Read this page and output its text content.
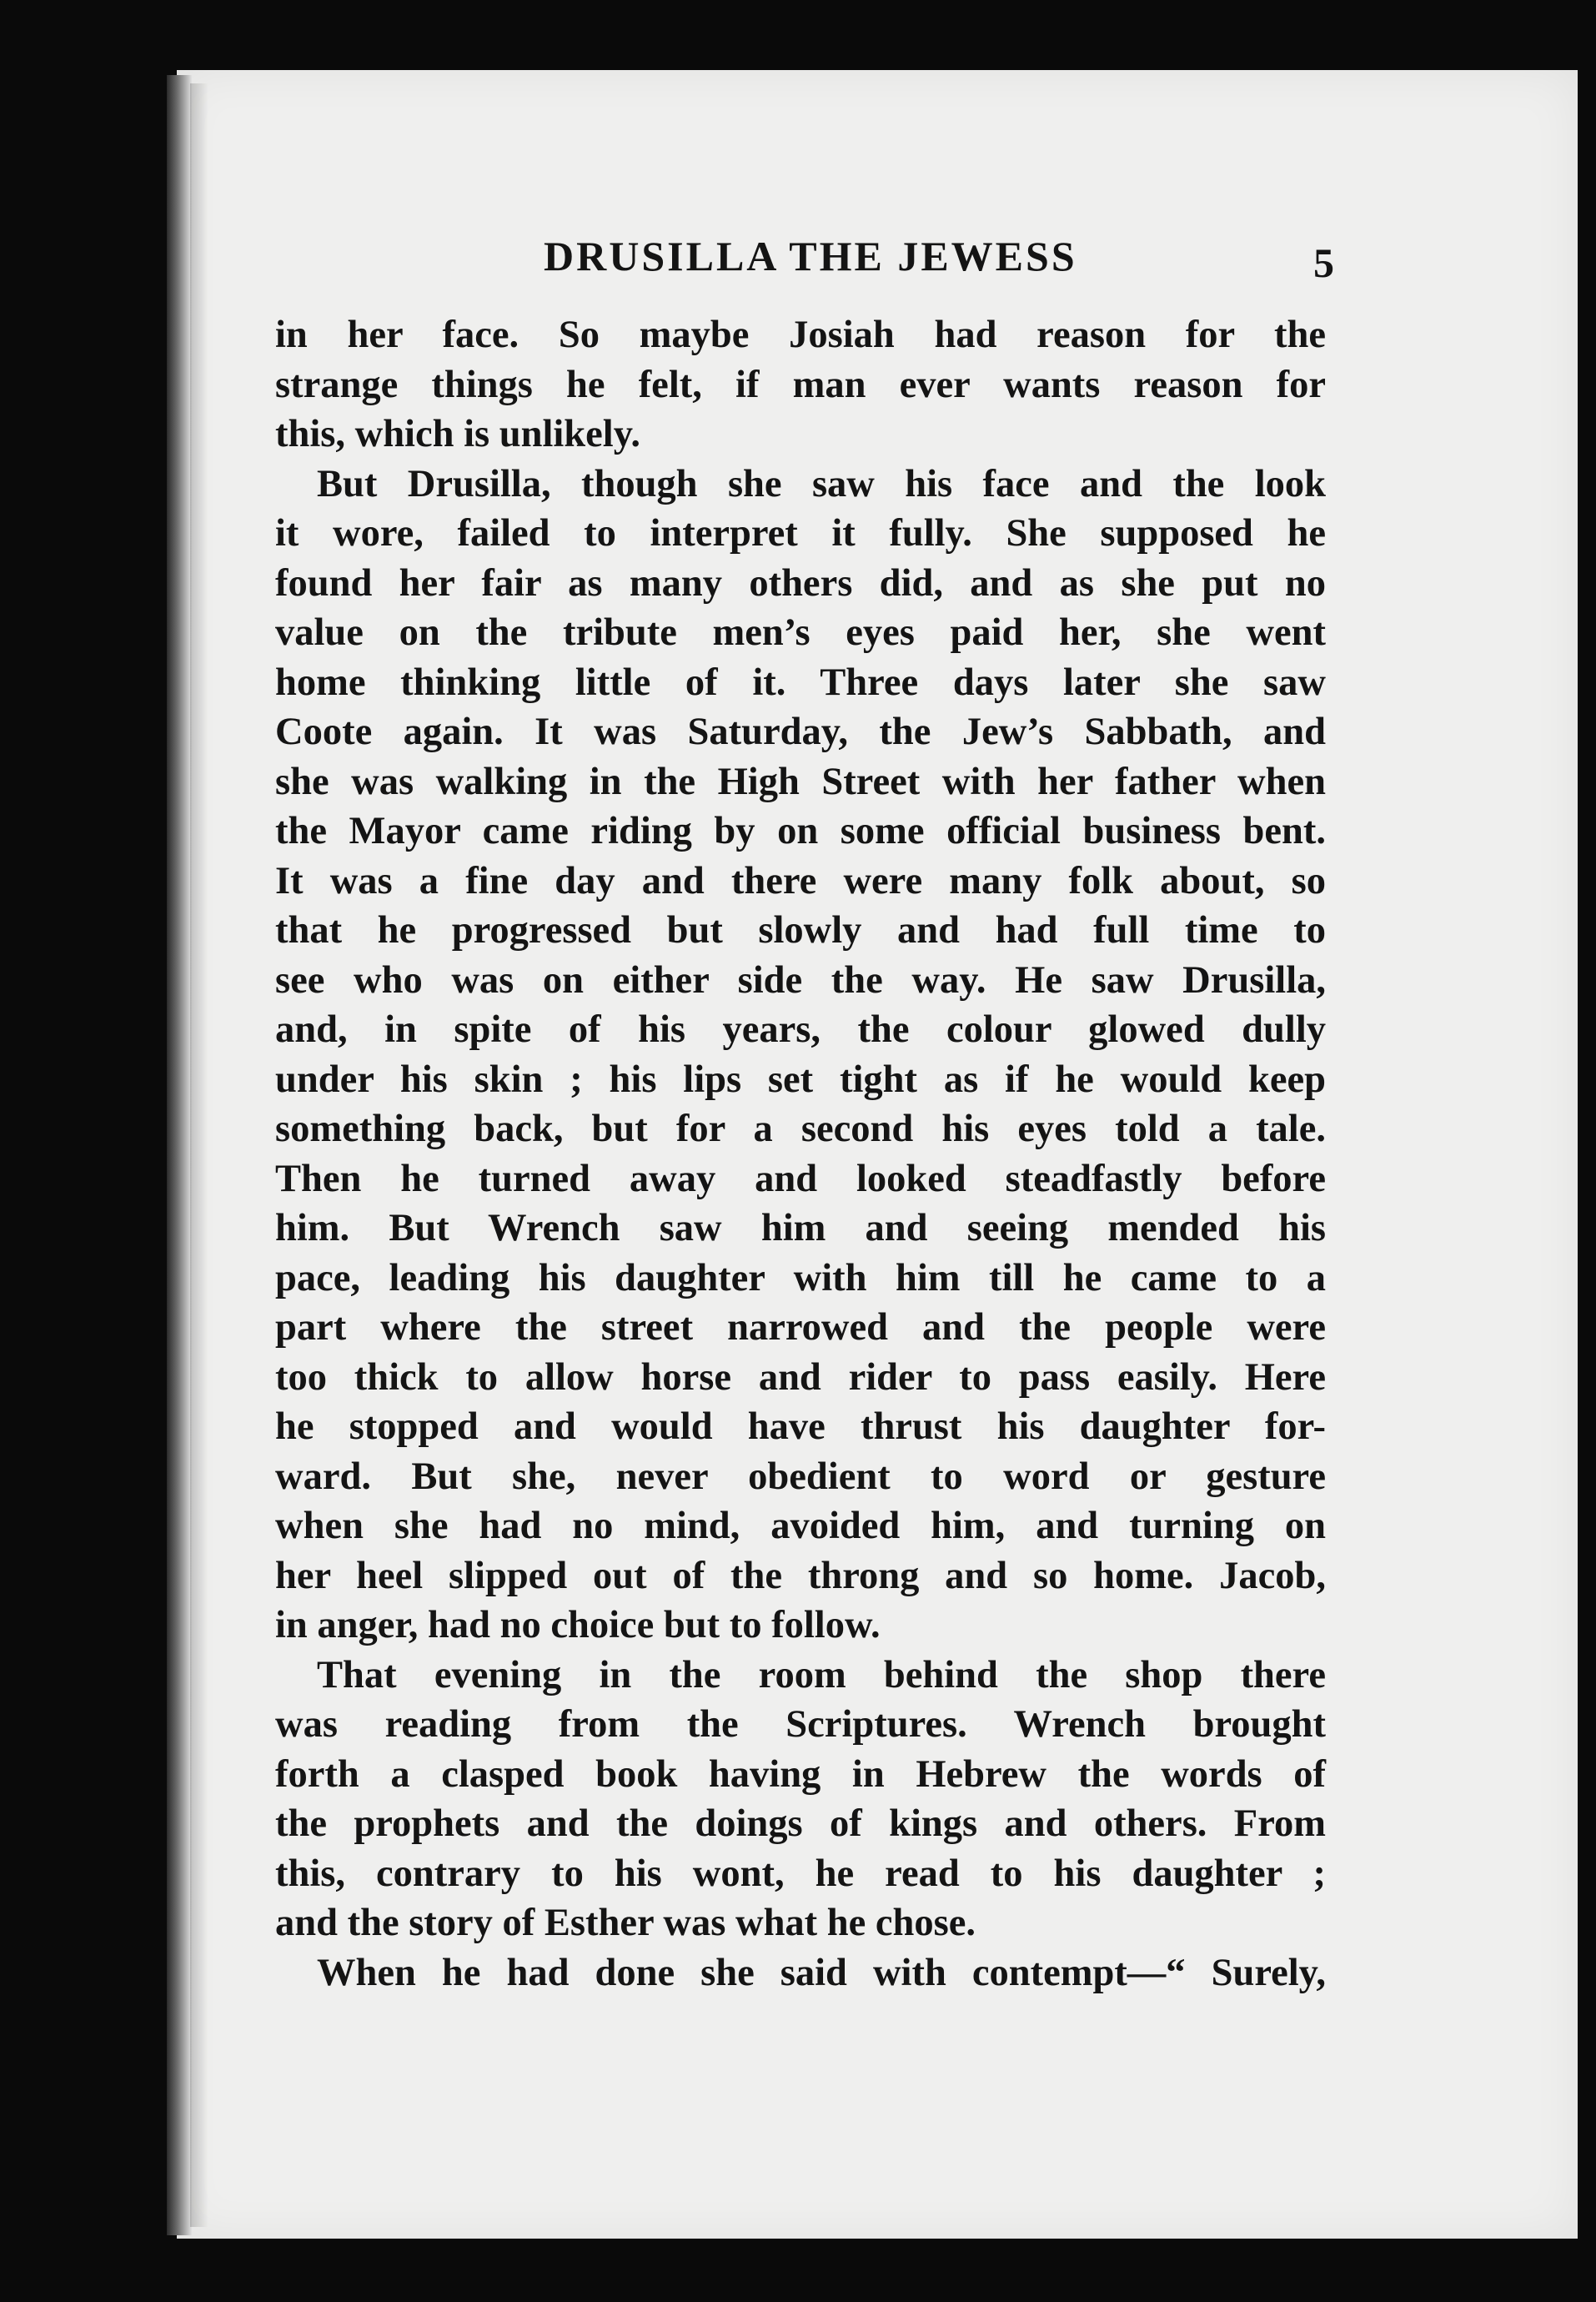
DRUSILLA THE JEWESS	5
in her face. So maybe Josiah had reason for the
strange things he felt, if man ever wants reason for
this, which is unlikely.
But Drusilla, though she saw his face and the look
it wore, failed to interpret it fully. She supposed he
found her fair as many others did, and as she put no
value on the tribute men’s eyes paid her, she went
home thinking little of it. Three days later she saw
Coote again. It was Saturday, the Jew’s Sabbath, and
she was walking in the High Street with her father when
the Mayor came riding by on some official business bent.
It was a fine day and there were many folk about, so
that he progressed but slowly and had full time to
see who was on either side the way. He saw Drusilla,
and, in spite of his years, the colour glowed dully
under his skin ; his lips set tight as if he would keep
something back, but for a second his eyes told a tale.
Then he turned away and looked steadfastly before
him. But Wrench saw him and seeing mended his
pace, leading his daughter with him till he came to a
part where the street narrowed and the people were
too thick to allow horse and rider to pass easily. Here
he stopped and would have thrust his daughter for-
ward. But she, never obedient to word or gesture
when she had no mind, avoided him, and turning on
her heel slipped out of the throng and so home. Jacob,
in anger, had no choice but to follow.
That evening in the room behind the shop there
was reading from the Scriptures. Wrench brought
forth a clasped book having in Hebrew the words of
the prophets and the doings of kings and others. From
this, contrary to his wont, he read to his daughter ;
and the story of Esther was what he chose.
When he had done she said with contempt—“ Surely,
